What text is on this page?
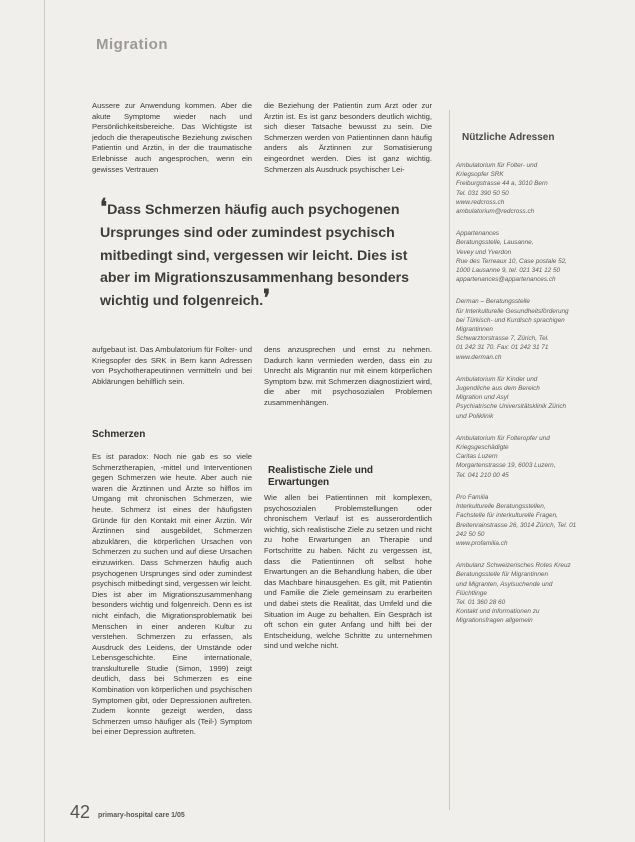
Migration

Aussere zur Anwendung kommen. Aber die akute Symptome wieder nach und Persönlichkeitsbereiche. Das Wichtigste ist jedoch die therapeutische Beziehung zwischen Patientin und Arztin, in der die traumatische Erlebnisse auch angesprochen, wenn ein gewisses Vertrauen

die Beziehung der Patientin zum Arzt oder zur Ärztin ist. Es ist ganz besonders deutlich wichtig, sich dieser Tatsache bewusst zu sein. Die Schmerzen werden von Patientinnen dann häufig anders als Ärztinnen zur Somatisierung eingeordnet werden. Dies ist ganz wichtig. Schmerzen als Ausdruck psychischer Lei-

❛Dass Schmerzen häufig auch psychogenen Ursprunges sind oder zumindest psychisch mitbedingt sind, vergessen wir leicht. Dies ist aber im Migrationszusammenhang besonders wichtig und folgenreich.❜

aufgebaut ist. Das Ambulatorium für Folter- und Kriegsopfer des SRK in Bern kann Adressen von Psychotherapeutinnen vermitteln und bei Abklärungen behilflich sein.

dens anzusprechen und ernst zu nehmen. Dadurch kann vermieden werden, dass ein zu Unrecht als Migrantin nur mit einem körperlichen Symptom bzw. mit Schmerzen diagnostiziert wird, die aber mit psychosozialen Problemen zusammenhängen.

Schmerzen

Es ist paradox: Noch nie gab es so viele Schmerztherapien, -mittel und Interventionen gegen Schmerzen wie heute. Aber auch nie waren die Ärztinnen und Ärzte so hilflos im Umgang mit chronischen Schmerzen, wie heute. Schmerz ist eines der häufigsten Gründe für den Kontakt mit einer Ärztin. Wir Ärztinnen sind ausgebildet, Schmerzen abzuklären, die körperlichen Ursachen von Schmerzen zu suchen und auf diese Ursachen einzuwirken. Dass Schmerzen häufig auch psychogenen Ursprunges sind oder zumindest psychisch mitbedingt sind, vergessen wir leicht. Dies ist aber im Migrationszusammenhang besonders wichtig und folgenreich. Denn es ist nicht einfach, die Migrationsproblematik bei Menschen in einer anderen Kultur zu verstehen. Schmerzen zu erfassen, als Ausdruck des Leidens, der Umstände oder Lebensgeschichte. Eine internationale, transkulturelle Studie (Simon, 1999) zeigt deutlich, dass bei Schmerzen es eine Kombination von körperlichen und psychischen Symptomen gibt, oder Depressionen auftreten. Zudem konnte gezeigt werden, dass Schmerzen umso häufiger als (Teil-) Symptom bei einer Depression auftreten.

Realistische Ziele und Erwartungen

Wie allen bei Patientinnen mit komplexen, psychosozialen Problemstellungen oder chronischem Verlauf ist es ausserordentlich wichtig, sich realistische Ziele zu setzen und nicht zu hohe Erwartungen an Therapie und Fortschritte zu haben. Nicht zu vergessen ist, dass die Patientinnen oft selbst hohe Erwartungen an die Behandlung haben, die über das Machbare hinausgehen. Es gilt, mit Patientin und Familie die Ziele gemeinsam zu erarbeiten und dabei stets die Realität, das Umfeld und die Situation im Auge zu behalten. Ein Gespräch ist oft schon ein guter Anfang und hilft bei der Entscheidung, welche Schritte zu unternehmen sind und welche nicht.

Nützliche Adressen
Ambulatorium für Folter- und
Kriegsopfer SRK
Freiburgstrasse 44 a, 3010 Bern
Tel. 031 390 50 50
www.redcross.ch
ambulatorium@redcross.ch
Appartenances
Beratungsstelle, Lausanne,
Vevey und Yverdon
Rue des Terreaux 10, Case postale 52,
1000 Lausanne 9, tel. 021 341 12 50
appartenances@appartenances.ch
Derman – Beratungsstelle
für Interkulturelle Gesundheitsförderung
bei Türkisch- und Kurdisch sprachigen
Migrantinnen
Schwarztorstrasse 7, Zürich, Tel.
01 242 31 70. Fax: 01 242 31 71
www.derman.ch
Ambulatorium für Kinder und
Jugendliche aus dem Bereich
Migration und Asyl
Psychiatrische Universitätsklinik Zürich
und Poliklinik
Ambulatorium für Folteropfer und
Kriegsgeschädigte
Caritas Luzern
Morgartenstrasse 19, 6003 Luzern,
Tel. 041 210 00 45
Pro Familia
Interkulturelle Beratungsstellen,
Fachstelle für interkulturelle Fragen,
Breitenrainstrasse 26, 3014 Zürich, Tel. 01
242 50 50
www.profamilia.ch
Ambulanz Schweizerisches Rotes Kreuz
Beratungsstelle für Migrantinnen
und Migranten, Asylsuchende und
Flüchtlinge
Tel. 01 360 28 60
Kontakt und Informationen zu
Migrationsfragen allgemein
42 primary-hospital care 1/05
